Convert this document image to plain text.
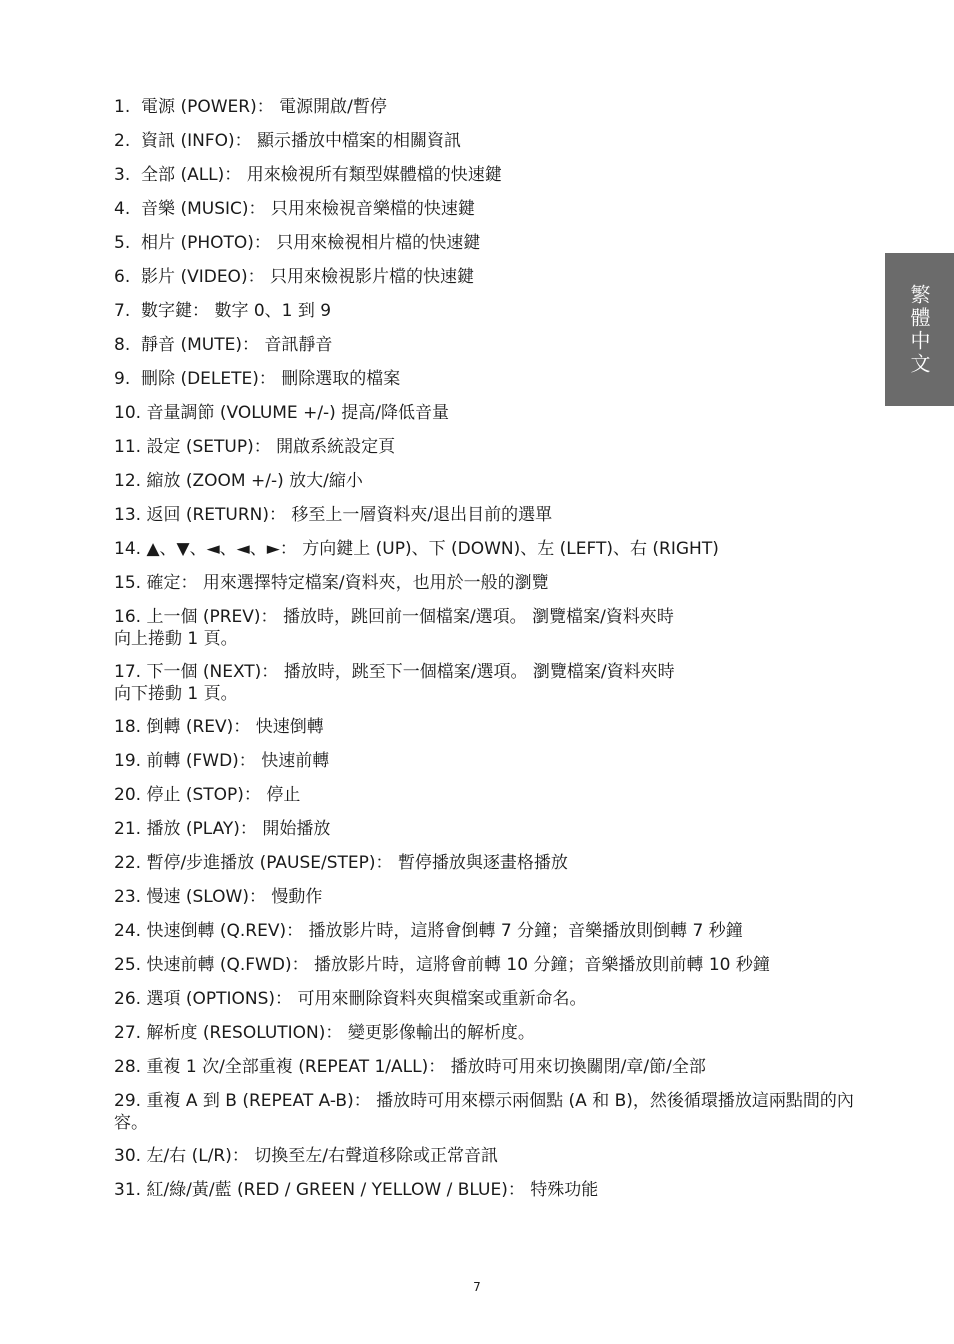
1. 電源 (POWER)： 電源開啟/暫停
2. 資訊 (INFO)： 顯示播放中檔案的相關資訊
3. 全部 (ALL)： 用來檢視所有類型媒體檔的快速鍵
4. 音樂 (MUSIC)： 只用來檢視音樂檔的快速鍵
5. 相片 (PHOTO)： 只用來檢視相片檔的快速鍵
6. 影片 (VIDEO)： 只用來檢視影片檔的快速鍵
7. 數字鍵： 數字 0、1 到 9
8. 靜音 (MUTE)： 音訊靜音
9. 刪除 (DELETE)： 刪除選取的檔案
10. 音量調節 (VOLUME +/-) 提高/降低音量
11. 設定 (SETUP)： 開啟系統設定頁
12. 縮放 (ZOOM +/-) 放大/縮小
13. 返回 (RETURN)： 移至上一層資料夾/退出目前的選單
14. ▲、▼、◄、◄、►： 方向鍵上 (UP)、下 (DOWN)、左 (LEFT)、右 (RIGHT)
15. 確定： 用來選擇特定檔案/資料夾，也用於一般的瀏覽
16. 上一個 (PREV)： 播放時，跳回前一個檔案/選項。 瀏覽檔案/資料夾時
向上捲動 1 頁。
17. 下一個 (NEXT)： 播放時，跳至下一個檔案/選項。 瀏覽檔案/資料夾時
向下捲動 1 頁。
18. 倒轉 (REV)： 快速倒轉
19. 前轉 (FWD)： 快速前轉
20. 停止 (STOP)： 停止
21. 播放 (PLAY)： 開始播放
22. 暫停/步進播放 (PAUSE/STEP)： 暫停播放與逐畫格播放
23. 慢速 (SLOW)： 慢動作
24. 快速倒轉 (Q.REV)： 播放影片時，這將會倒轉 7 分鐘；音樂播放則倒轉 7 秒鐘
25. 快速前轉 (Q.FWD)： 播放影片時，這將會前轉 10 分鐘；音樂播放則前轉 10 秒鐘
26. 選項 (OPTIONS)： 可用來刪除資料夾與檔案或重新命名。
27. 解析度 (RESOLUTION)： 變更影像輸出的解析度。
28. 重複 1 次/全部重複 (REPEAT 1/ALL)： 播放時可用來切換關閉/章/節/全部
29. 重複 A 到 B (REPEAT A-B)： 播放時可用來標示兩個點 (A 和 B)，然後循環播放這兩點間的內容。
30. 左/右 (L/R)： 切換至左/右聲道移除或正常音訊
31. 紅/綠/黃/藍 (RED / GREEN / YELLOW / BLUE)： 特殊功能
繁體中文
7
